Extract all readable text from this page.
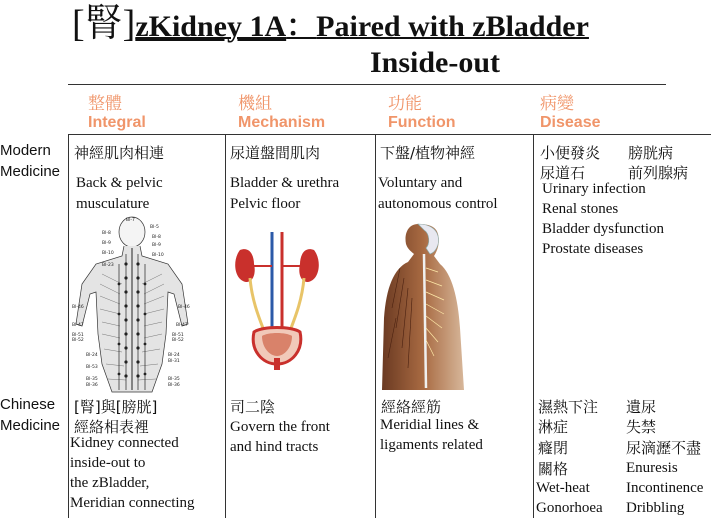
[腎]zKidney 1A：Paired with zBladder
Inside-out
整體
Integral
機組
Mechanism
功能
Function
病變
Disease
Modern
Medicine
Chinese
Medicine
神經肌肉相連
Back & pelvic
musculature
Bl-7
Bl-8
Bl-9
Bl-10
Bl-23
Bl-46
Bl-47
Bl-51
Bl-52
Bl-24
Bl-53
Bl-35
Bl-36
Bl-5
Bl-8
Bl-9
Bl-10
Bl-46
Bl-47
Bl-51
Bl-52
Bl-24
Bl-31
Bl-35
Bl-36
尿道盤間肌肉
Bladder & urethra
Pelvic floor
下盤/植物神經
Voluntary and
autonomous control
小便發炎 膀胱病
尿道石	前列腺病
Urinary infection
Renal stones
Bladder dysfunction
Prostate diseases
[腎]與[膀胱]
經絡相表裡
Kidney connected
inside-out to
the zBladder,
Meridian connecting
司二陰
Govern the front
and hind tracts
經絡經筋
Meridial lines &
ligaments related
濕熱下注
淋症
癃閉
關格
Wet-heat
Gonorhoea
遺尿
失禁
尿滴瀝不盡
Enuresis
Incontinence
Dribbling
